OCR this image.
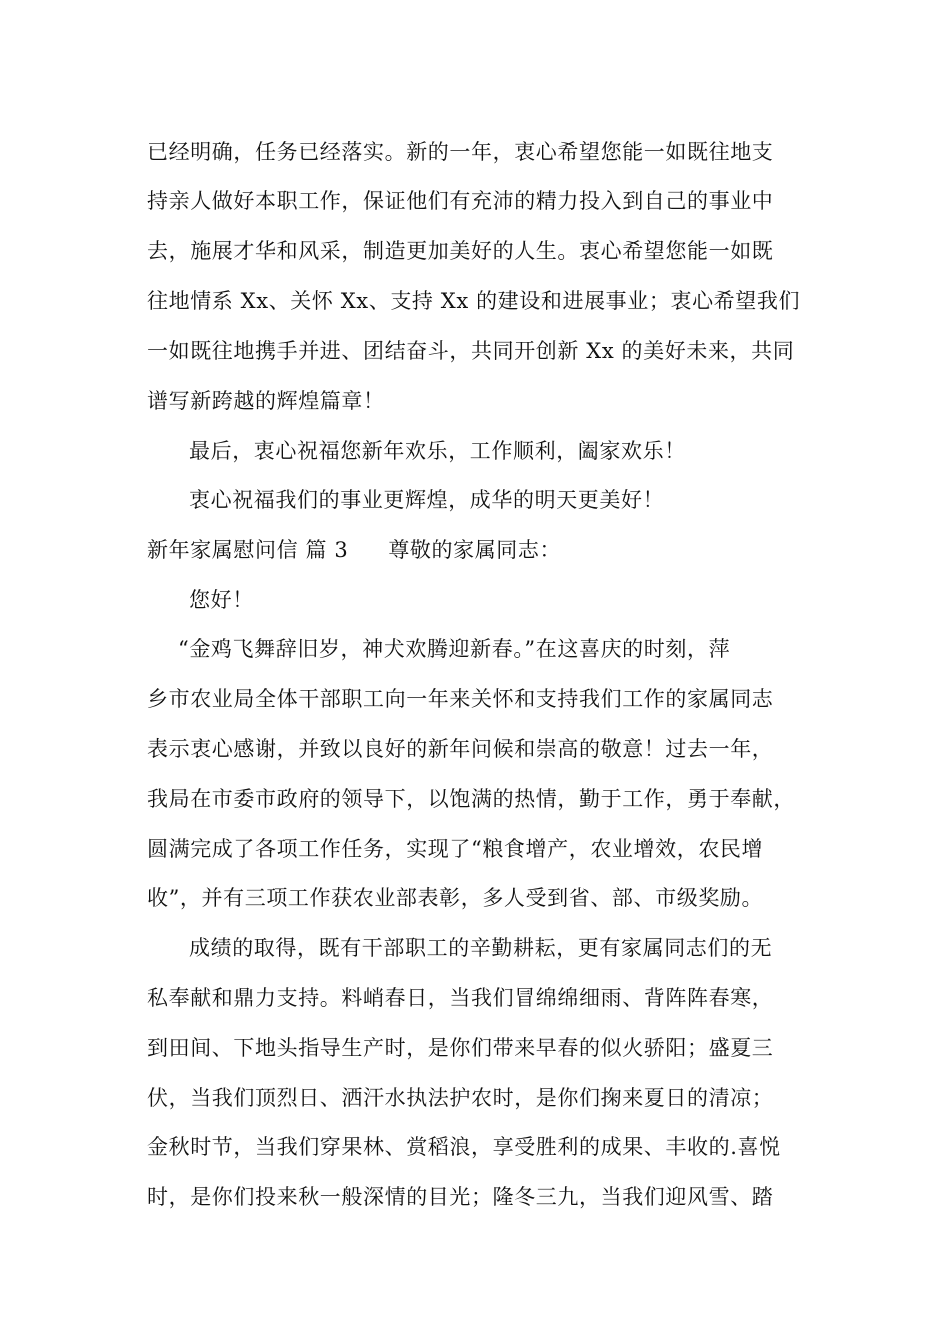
已经明确，任务已经落实。新的一年，衷心希望您能一如既往地支
持亲人做好本职工作，保证他们有充沛的精力投入到自己的事业中
去，施展才华和风采，制造更加美好的人生。衷心希望您能一如既
往地情系 Xx、关怀 Xx、支持 Xx 的建设和进展事业；衷心希望我们
一如既往地携手并进、团结奋斗，共同开创新 Xx 的美好未来，共同
谱写新跨越的辉煌篇章！
最后，衷心祝福您新年欢乐，工作顺利，阖家欢乐！
衷心祝福我们的事业更辉煌，成华的明天更美好！
新年家属慰问信 篇 3 尊敬的家属同志：
您好！
“金鸡飞舞辞旧岁，神犬欢腾迎新春。”在这喜庆的时刻，萍
乡市农业局全体干部职工向一年来关怀和支持我们工作的家属同志
表示衷心感谢，并致以良好的新年问候和崇高的敬意！过去一年，
我局在市委市政府的领导下，以饱满的热情，勤于工作，勇于奉献，
圆满完成了各项工作任务，实现了“粮食增产，农业增效，农民增
收”，并有三项工作获农业部表彰，多人受到省、部、市级奖励。
成绩的取得，既有干部职工的辛勤耕耘，更有家属同志们的无
私奉献和鼎力支持。料峭春日，当我们冒绵绵细雨、背阵阵春寒，
到田间、下地头指导生产时，是你们带来早春的似火骄阳；盛夏三
伏，当我们顶烈日、洒汗水执法护农时，是你们掬来夏日的清凉；
金秋时节，当我们穿果林、赏稻浪，享受胜利的成果、丰收的.喜悦
时，是你们投来秋一般深情的目光；隆冬三九，当我们迎风雪、踏
